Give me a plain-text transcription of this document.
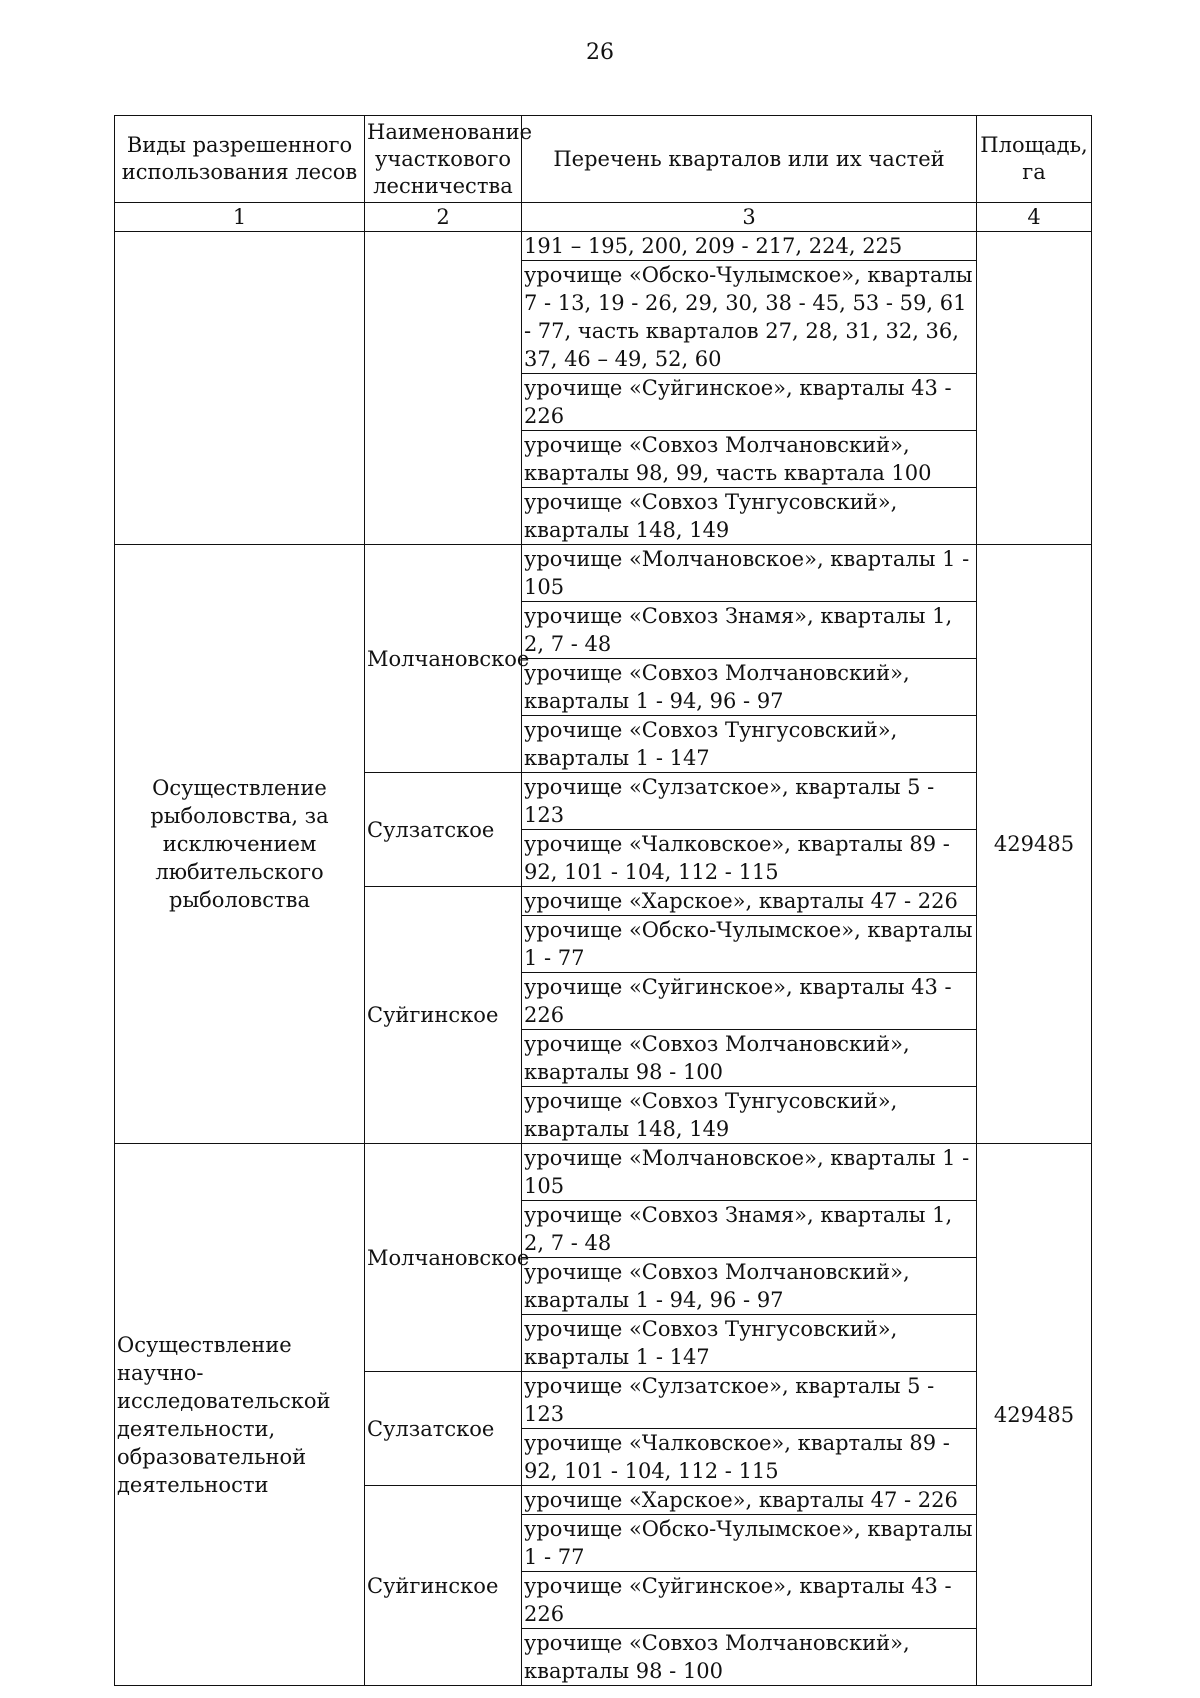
26
Виды разрешенного использования лесов	Наименование участкового лесничества	Перечень кварталов или их частей	Площадь, га
1	2	3	4
		191 – 195, 200, 209 - 217, 224, 225	
		урочище «Обско-Чулымское», кварталы 7 - 13, 19 - 26, 29, 30, 38 - 45, 53 - 59, 61 - 77, часть кварталов 27, 28, 31, 32, 36, 37, 46 – 49, 52, 60	
		урочище «Суйгинское», кварталы 43 - 226	
		урочище «Совхоз Молчановский», кварталы 98, 99, часть квартала 100	
		урочище «Совхоз Тунгусовский», кварталы 148, 149	
Осуществление рыболовства, за исключением любительского рыболовства	Молчановское	урочище «Молчановское», кварталы 1 - 105	429485
		урочище «Совхоз Знамя», кварталы 1, 2, 7 - 48	
		урочище «Совхоз Молчановский», кварталы 1 - 94, 96 - 97	
		урочище «Совхоз Тунгусовский», кварталы 1 - 147	
	Сулзатское	урочище «Сулзатское», кварталы 5 - 123	
		урочище «Чалковское», кварталы 89 - 92, 101 - 104, 112 - 115	
	Суйгинское	урочище «Харское», кварталы 47 - 226	
		урочище «Обско-Чулымское», кварталы 1 - 77	
		урочище «Суйгинское», кварталы 43 - 226	
		урочище «Совхоз Молчановский», кварталы 98 - 100	
		урочище «Совхоз Тунгусовский», кварталы 148, 149	
Осуществление научно-исследовательской деятельности, образовательной деятельности	Молчановское	урочище «Молчановское», кварталы 1 - 105	429485
		урочище «Совхоз Знамя», кварталы 1, 2, 7 - 48	
		урочище «Совхоз Молчановский», кварталы 1 - 94, 96 - 97	
		урочище «Совхоз Тунгусовский», кварталы 1 - 147	
	Сулзатское	урочище «Сулзатское», кварталы 5 - 123	
		урочище «Чалковское», кварталы 89 - 92, 101 - 104, 112 - 115	
	Суйгинское	урочище «Харское», кварталы 47 - 226	
		урочище «Обско-Чулымское», кварталы 1 - 77	
		урочище «Суйгинское», кварталы 43 - 226	
		урочище «Совхоз Молчановский», кварталы 98 - 100	
